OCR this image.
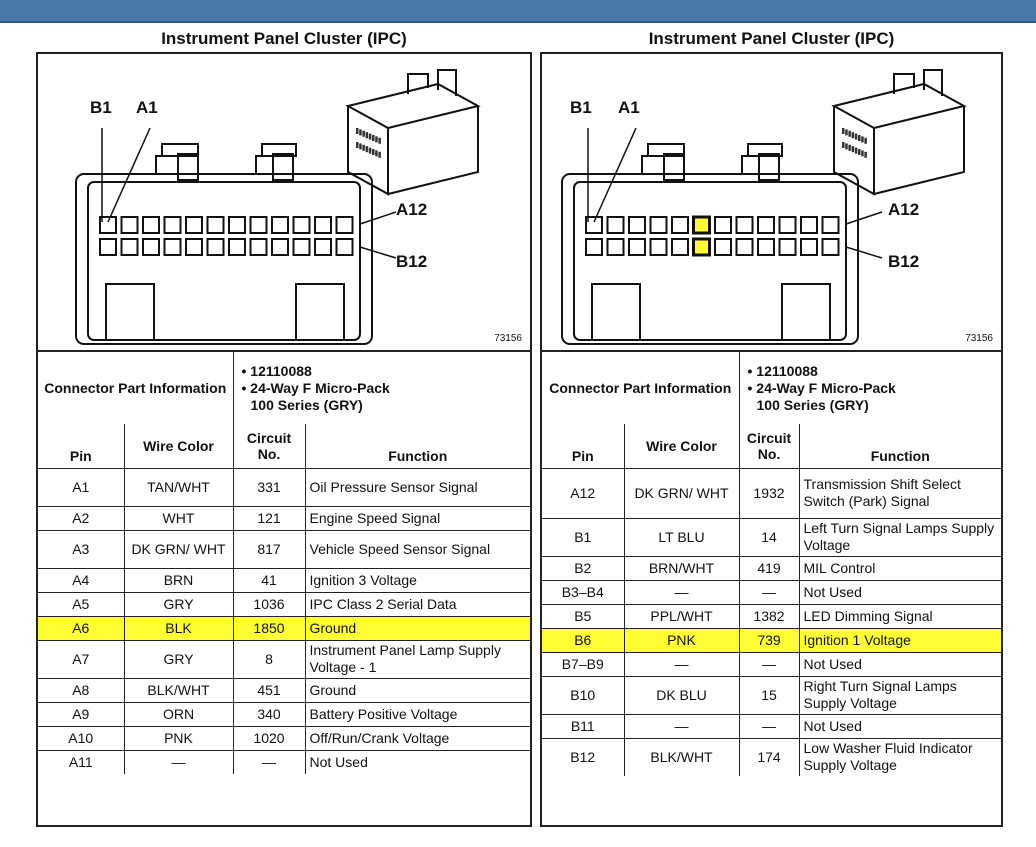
Instrument Panel Cluster (IPC)
B1 A1
A12
B12
73156
Connector Part Information	
• 12110088
• 24-Way F Micro-Pack
100 Series (GRY)
Pin	Wire Color	Circuit No.	Function
A1	TAN/WHT	331	Oil Pressure Sensor Signal
A2	WHT	121	Engine Speed Signal
A3	DK GRN/ WHT	817	Vehicle Speed Sensor Signal
A4	BRN	41	Ignition 3 Voltage
A5	GRY	1036	IPC Class 2 Serial Data
A6	BLK	1850	Ground
A7	GRY	8	Instrument Panel Lamp Supply Voltage - 1
A8	BLK/WHT	451	Ground
A9	ORN	340	Battery Positive Voltage
A10	PNK	1020	Off/Run/Crank Voltage
A11	—	—	Not Used
Instrument Panel Cluster (IPC)
B1 A1
A12
B12
73156
Connector Part Information	
• 12110088
• 24-Way F Micro-Pack
100 Series (GRY)
Pin	Wire Color	Circuit No.	Function
A12	DK GRN/ WHT	1932	Transmission Shift Select Switch (Park) Signal
B1	LT BLU	14	Left Turn Signal Lamps Supply Voltage
B2	BRN/WHT	419	MIL Control
B3–B4	—	—	Not Used
B5	PPL/WHT	1382	LED Dimming Signal
B6	PNK	739	Ignition 1 Voltage
B7–B9	—	—	Not Used
B10	DK BLU	15	Right Turn Signal Lamps Supply Voltage
B11	—	—	Not Used
B12	BLK/WHT	174	Low Washer Fluid Indicator Supply Voltage
